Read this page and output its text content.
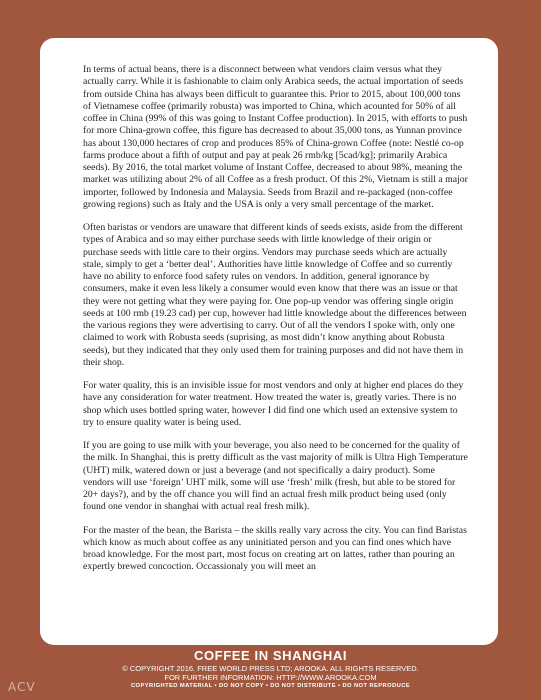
In terms of actual beans, there is a disconnect between what vendors claim versus what they actually carry. While it is fashionable to claim only Arabica seeds, the actual importation of seeds from outside China has always been difficult to guarantee this. Prior to 2015, about 100,000 tons of Vietnamese coffee (primarily robusta) was imported to China, which acounted for 50% of all coffee in China (99% of this was going to Instant Coffee production). In 2015, with efforts to push for more China-grown coffee, this figure has decreased to about 35,000 tons, as Yunnan province has about 130,000 hectares of crop and produces 85% of China-grown Coffee (note: Nestlé co-op farms produce about a fifth of output and pay at peak 26 rmb/kg [5cad/kg]; primarily Arabica seeds). By 2016, the total market volume of Instant Coffee, decreased to about 98%, meaning the market was utilizing about 2% of all Coffee as a fresh product. Of this 2%, Vietnam is still a major importer, followed by Indonesia and Malaysia. Seeds from Brazil and re-packaged (non-coffee growing regions) such as Italy and the USA is only a very small percentage of the market.

Often baristas or vendors are unaware that different kinds of seeds exists, aside from the different types of Arabica and so may either purchase seeds with little knowledge of their origin or purchase seeds with little care to their orgins. Vendors may purchase seeds which are actually stale, simply to get a ‘better deal’. Authorities have little knowledge of Coffee and so currently have no ability to enforce food safety rules on vendors. In addition, general ignorance by consumers, make it even less likely a consumer would even know that there was an issue or that they were not getting what they were paying for. One pop-up vendor was offering single origin seeds at 100 rmb (19.23 cad) per cup, however had little knowledge about the differences between the various regions they were advertising to carry. Out of all the vendors I spoke with, only one claimed to work with Robusta seeds (suprising, as most didn’t know anything about Robusta seeds), but they indicated that they only used them for training purposes and did not have them in their shop.

For water quality, this is an invisible issue for most vendors and only at higher end places do they have any consideration for water treatment. How treated the water is, greatly varies. There is no shop which uses bottled spring water, however I did find one which used an extensive system to try to ensure quality water is being used.

If you are going to use milk with your beverage, you also need to be concerned for the quality of the milk. In Shanghai, this is pretty difficult as the vast majority of milk is Ultra High Temperature (UHT) milk, watered down or just a beverage (and not specifically a dairy product). Some vendors will use ‘foreign’ UHT milk, some will use ‘fresh’ milk (fresh, but able to be stored for 20+ days?), and by the off chance you will find an actual fresh milk product being used (only found one vendor in shanghai with actual real fresh milk).

For the master of the bean, the Barista – the skills really vary across the city. You can find Baristas which know as much about coffee as any uninitiated person and you can find ones which have broad knowledge. For the most part, most focus on creating art on lattes, rather than pouring an expertly brewed concoction. Occassionaly you will meet an

COFFEE IN SHANGHAI
© COPYRIGHT 2016. FREE WORLD PRESS LTD; AROOKA. ALL RIGHTS RESERVED.
FOR FURTHER INFORMATION: HTTP://WWW.AROOKA.COM
COPYRIGHTED MATERIAL • DO NOT COPY • DO NOT DISTRIBUTE • DO NOT REPRODUCE
ACV
